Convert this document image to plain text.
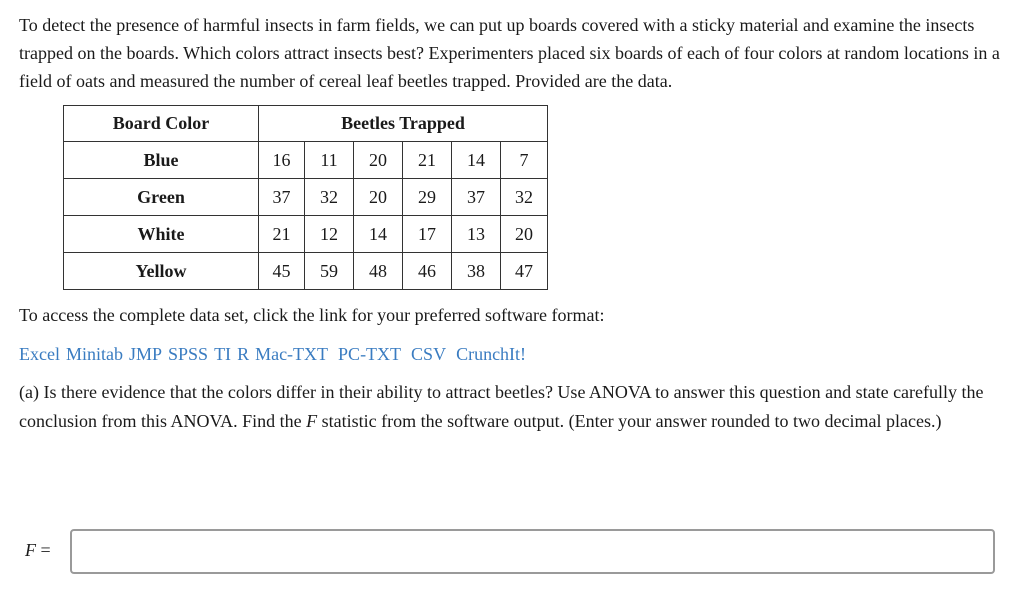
To detect the presence of harmful insects in farm fields, we can put up boards covered with a sticky material and examine the insects trapped on the boards. Which colors attract insects best? Experimenters placed six boards of each of four colors at random locations in a field of oats and measured the number of cereal leaf beetles trapped. Provided are the data.

Board Color	Beetles Trapped					
Blue	16	11	20	21	14	7
Green	37	32	20	29	37	32
White	21	12	14	17	13	20
Yellow	45	59	48	46	38	47

To access the complete data set, click the link for your preferred software format:

Excel Minitab JMP SPSS TI R Mac-TXT PC-TXT CSV CrunchIt!

(a) Is there evidence that the colors differ in their ability to attract beetles? Use ANOVA to answer this question and state carefully the conclusion from this ANOVA. Find the F statistic from the software output. (Enter your answer rounded to two decimal places.)

F =
